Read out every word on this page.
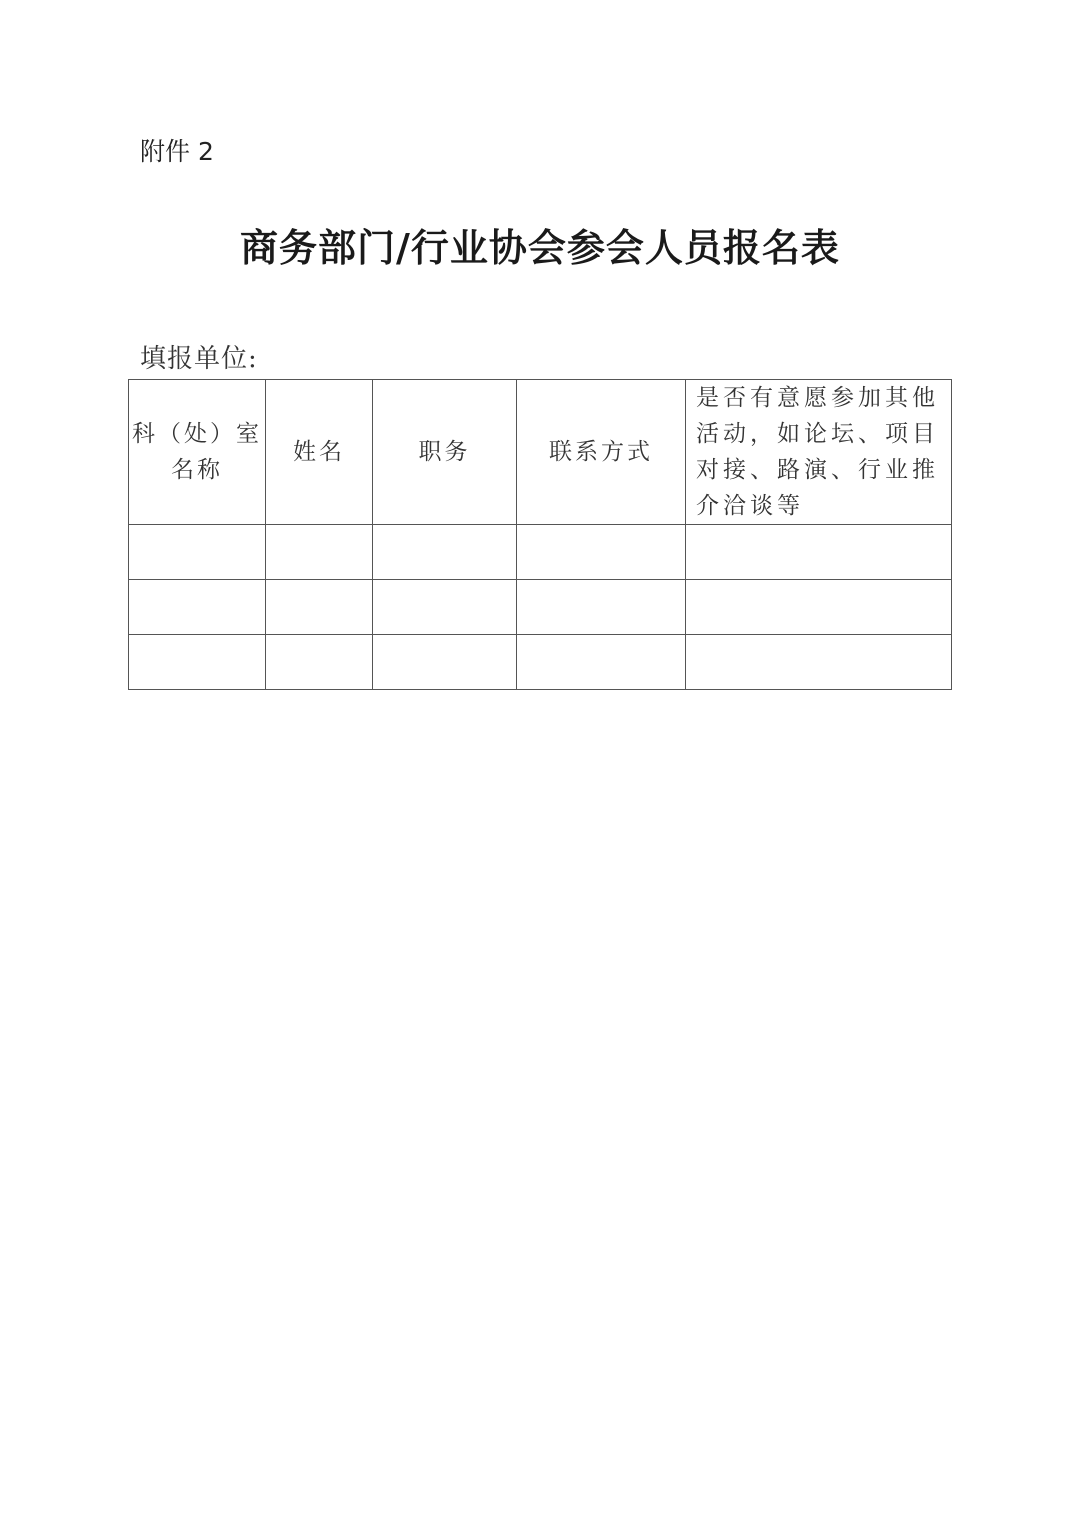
附件 2
商务部门/行业协会参会人员报名表
填报单位:
科（处）室名称	姓名	职务	联系方式	是否有意愿参加其他活动，如论坛、项目对接、路演、行业推介洽谈等
